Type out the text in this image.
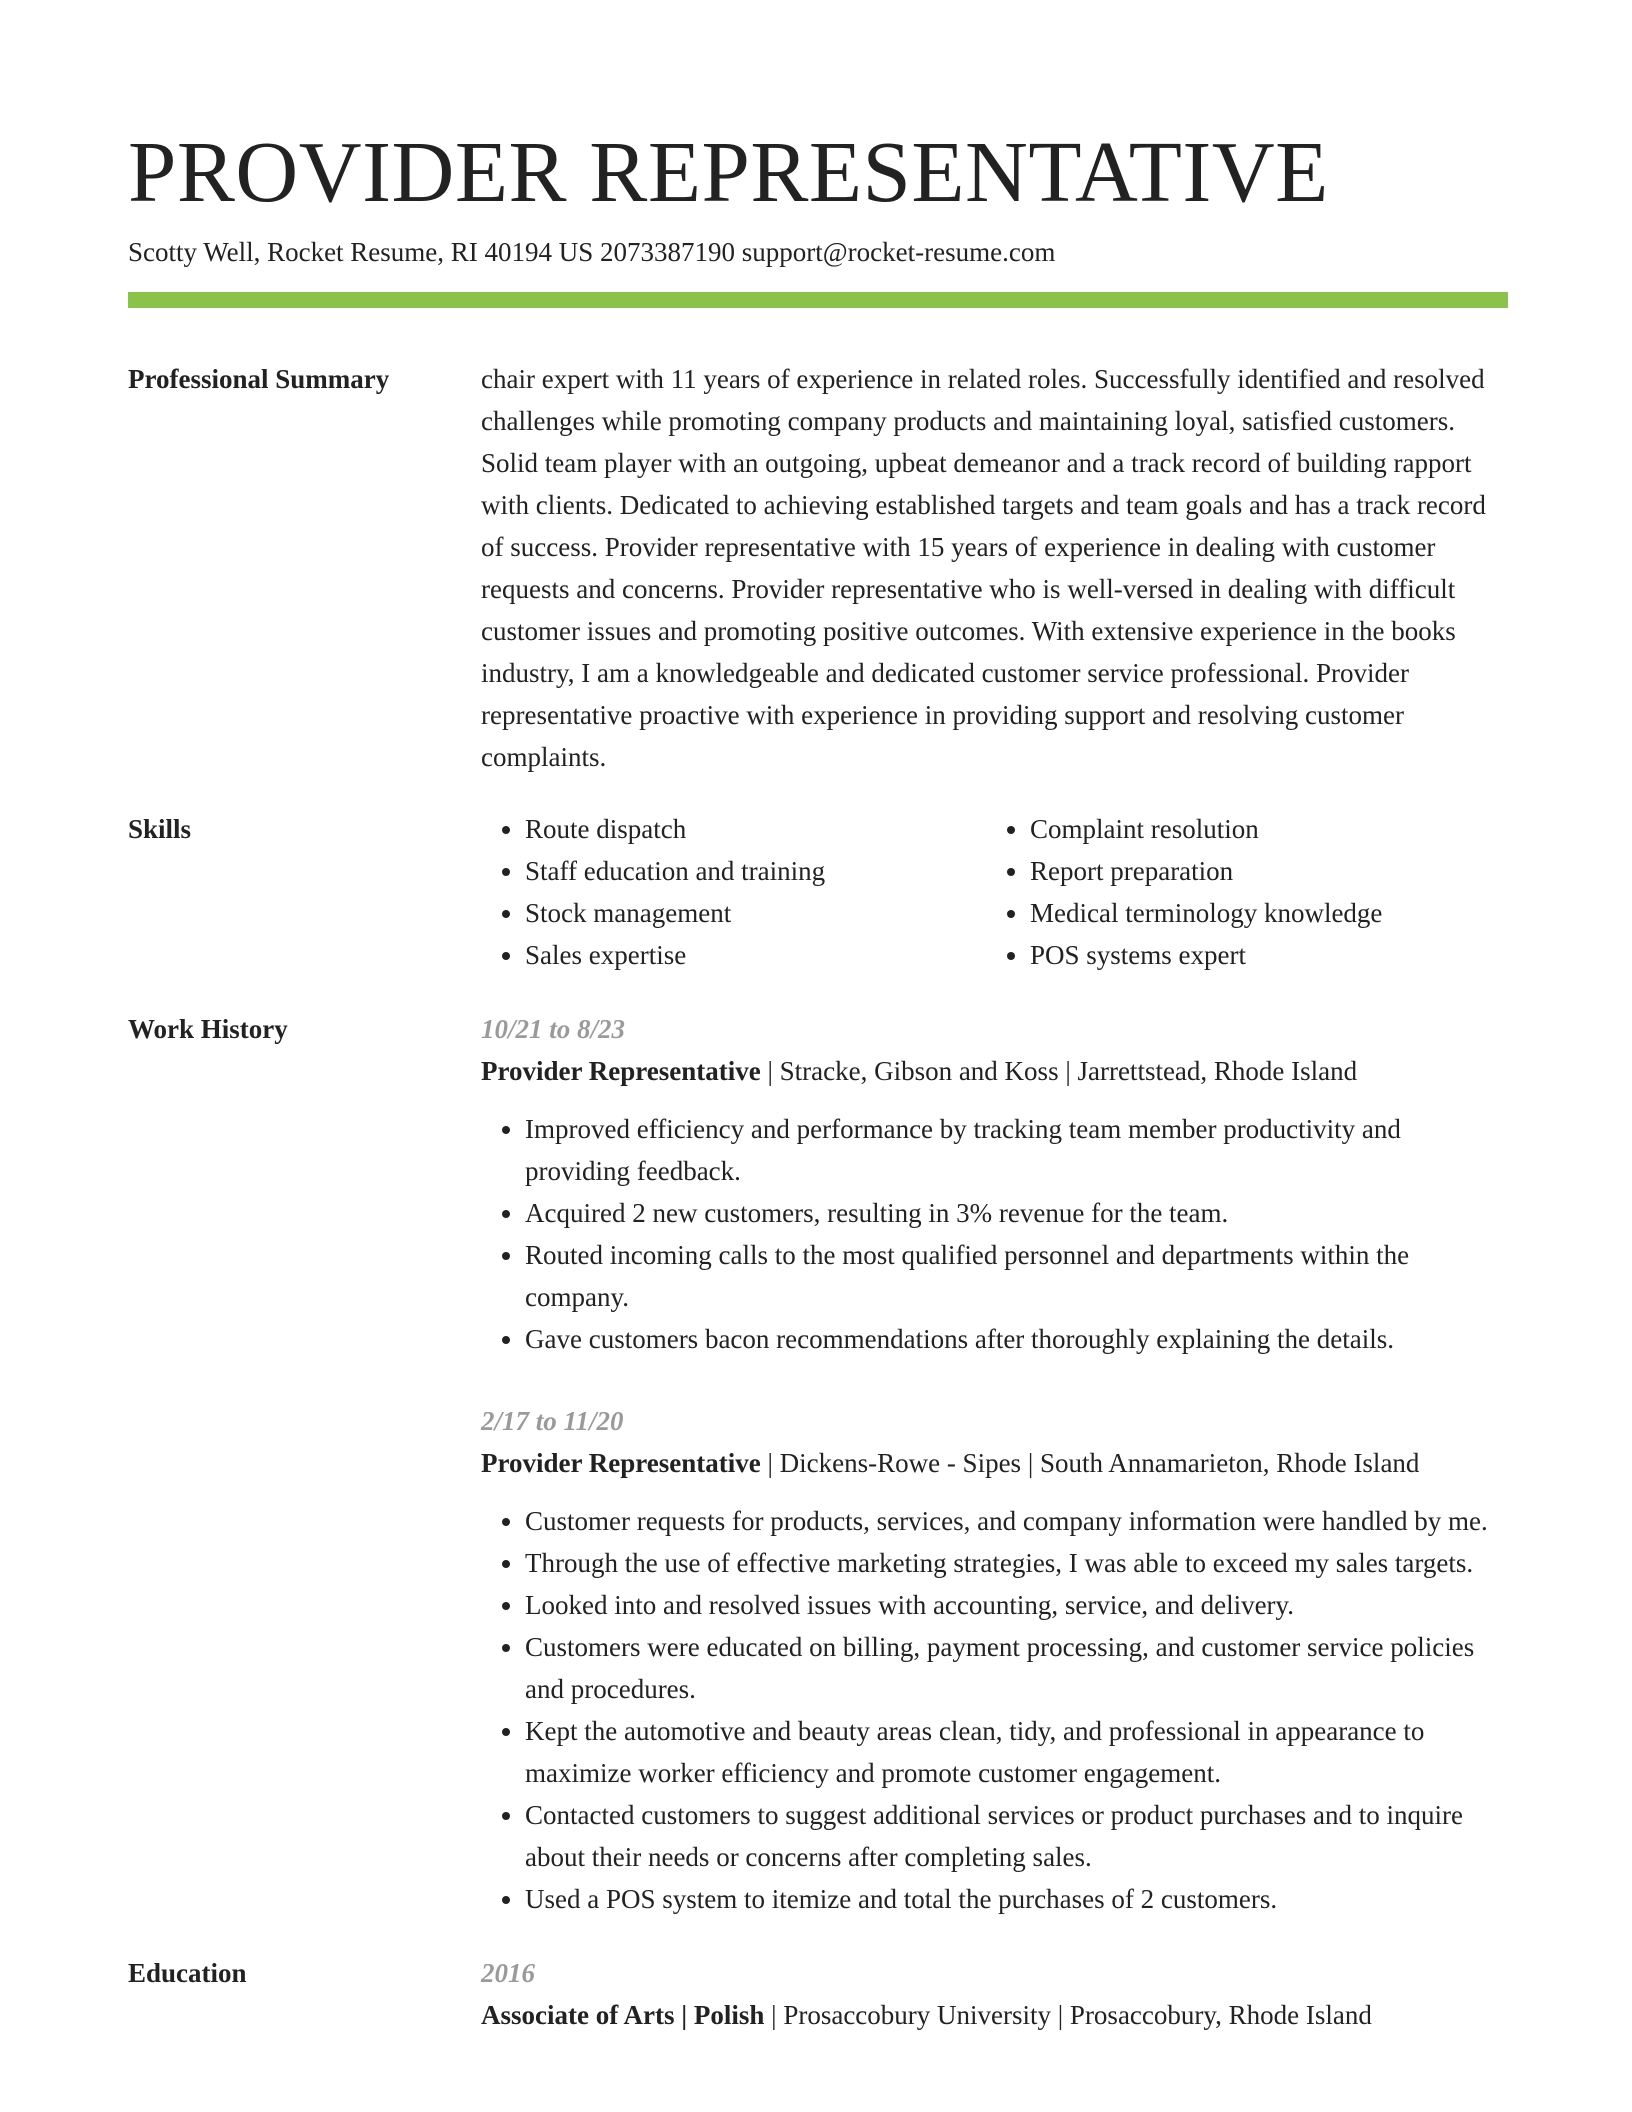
PROVIDER REPRESENTATIVE
Scotty Well, Rocket Resume, RI 40194 US 2073387190 support@rocket-resume.com
Professional Summary	chair expert with 11 years of experience in related roles. Successfully identified and resolved challenges while promoting company products and maintaining loyal, satisfied customers. Solid team player with an outgoing, upbeat demeanor and a track record of building rapport with clients. Dedicated to achieving established targets and team goals and has a track record of success. Provider representative with 15 years of experience in dealing with customer requests and concerns. Provider representative who is well-versed in dealing with difficult customer issues and promoting positive outcomes. With extensive experience in the books industry, I am a knowledgeable and dedicated customer service professional. Provider representative proactive with experience in providing support and resolving customer complaints.

Skills
•	Route dispatch
• Staff education and training
• Stock management
• Sales expertise
• Complaint resolution
• Report preparation
• Medical terminology knowledge
• POS systems expert
Work History	10/21 to 8/23
Provider Representative | Stracke, Gibson and Koss | Jarrettstead, Rhode Island
• Improved efficiency and performance by tracking team member productivity and providing feedback.
• Acquired 2 new customers, resulting in 3% revenue for the team.
• Routed incoming calls to the most qualified personnel and departments within the company.
• Gave customers bacon recommendations after thoroughly explaining the details.
2/17 to 11/20
Provider Representative | Dickens-Rowe - Sipes | South Annamarieton, Rhode Island
• Customer requests for products, services, and company information were handled by me.
• Through the use of effective marketing strategies, I was able to exceed my sales targets.
• Looked into and resolved issues with accounting, service, and delivery.
• Customers were educated on billing, payment processing, and customer service policies and procedures.
• Kept the automotive and beauty areas clean, tidy, and professional in appearance to maximize worker efficiency and promote customer engagement.
• Contacted customers to suggest additional services or product purchases and to inquire about their needs or concerns after completing sales.
• Used a POS system to itemize and total the purchases of 2 customers.
Education	2016
Associate of Arts | Polish | Prosaccobury University | Prosaccobury, Rhode Island
